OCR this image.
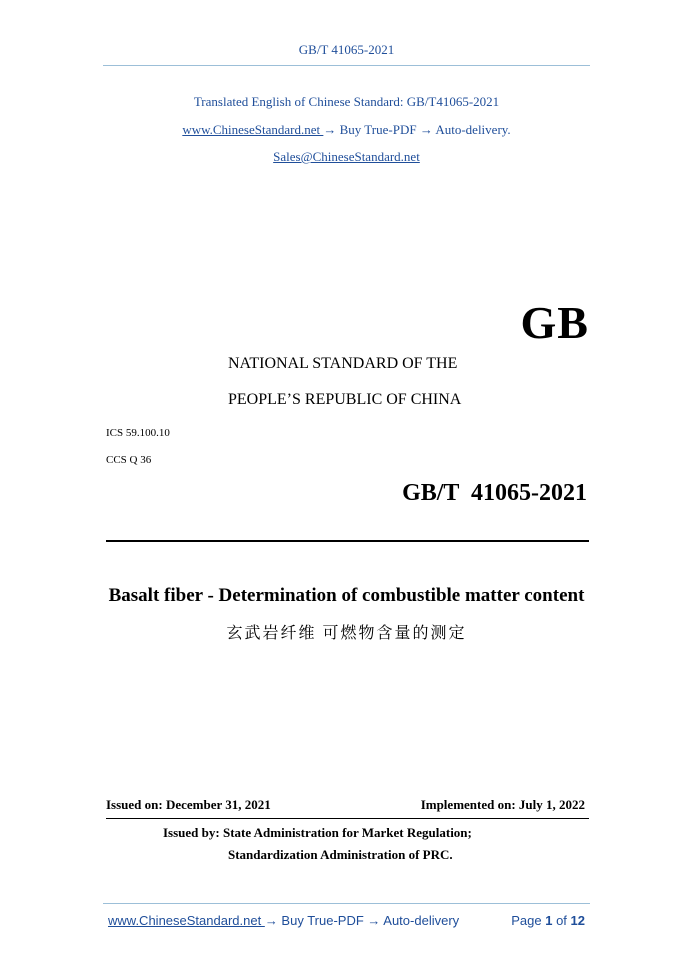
GB/T 41065-2021
Translated English of Chinese Standard: GB/T41065-2021
www.ChineseStandard.net → Buy True-PDF → Auto-delivery.
Sales@ChineseStandard.net
GB
NATIONAL STANDARD OF THE
PEOPLE’S REPUBLIC OF CHINA
ICS 59.100.10
CCS Q 36
GB/T  41065-2021
Basalt fiber - Determination of combustible matter content
玄武岩纤维 可燃物含量的测定
Issued on: December 31, 2021	Implemented on: July 1, 2022
Issued by: State Administration for Market Regulation;
Standardization Administration of PRC.
www.ChineseStandard.net → Buy True-PDF → Auto-delivery	Page 1 of 12
